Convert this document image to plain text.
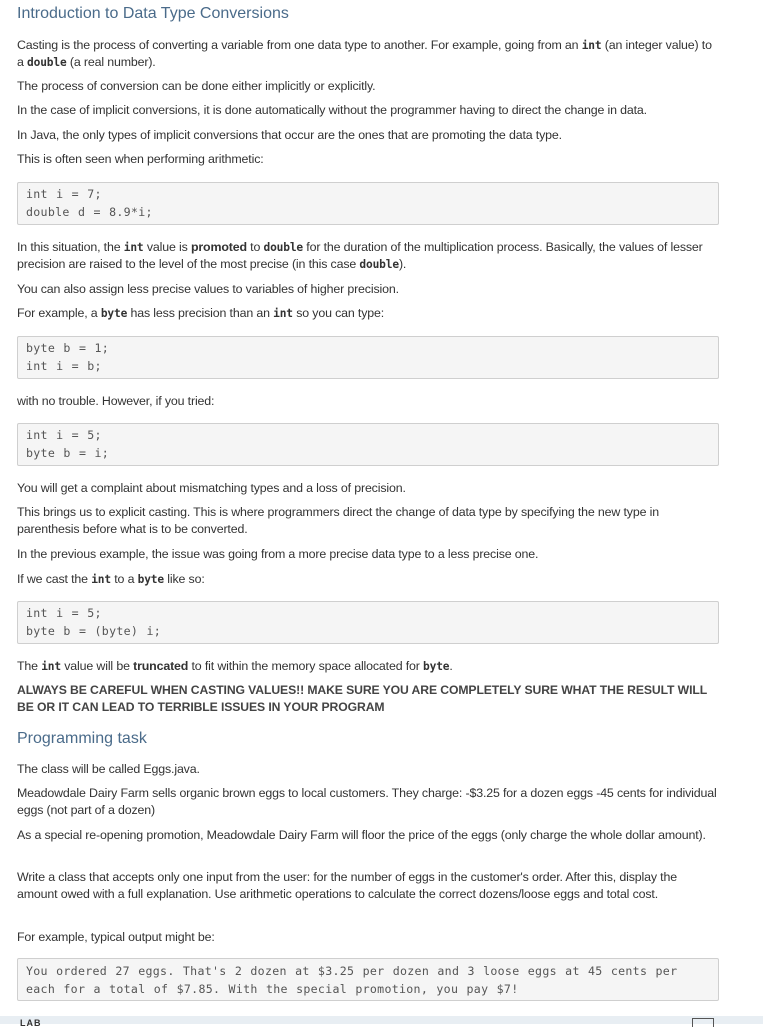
Introduction to Data Type Conversions

Casting is the process of converting a variable from one data type to another. For example, going from an int (an integer value) to a double (a real number).

The process of conversion can be done either implicitly or explicitly.

In the case of implicit conversions, it is done automatically without the programmer having to direct the change in data.

In Java, the only types of implicit conversions that occur are the ones that are promoting the data type.

This is often seen when performing arithmetic:

int i = 7;
double d = 8.9*i;

In this situation, the int value is promoted to double for the duration of the multiplication process. Basically, the values of lesser precision are raised to the level of the most precise (in this case double).

You can also assign less precise values to variables of higher precision.

For example, a byte has less precision than an int so you can type:

byte b = 1;
int i = b;

with no trouble. However, if you tried:

int i = 5;
byte b = i;

You will get a complaint about mismatching types and a loss of precision.

This brings us to explicit casting. This is where programmers direct the change of data type by specifying the new type in parenthesis before what is to be converted.

In the previous example, the issue was going from a more precise data type to a less precise one.

If we cast the int to a byte like so:

int i = 5;
byte b = (byte) i;

The int value will be truncated to fit within the memory space allocated for byte.

ALWAYS BE CAREFUL WHEN CASTING VALUES!! MAKE SURE YOU ARE COMPLETELY SURE WHAT THE RESULT WILL BE OR IT CAN LEAD TO TERRIBLE ISSUES IN YOUR PROGRAM

Programming task

The class will be called Eggs.java.

Meadowdale Dairy Farm sells organic brown eggs to local customers. They charge: -$3.25 for a dozen eggs -45 cents for individual eggs (not part of a dozen)

As a special re-opening promotion, Meadowdale Dairy Farm will floor the price of the eggs (only charge the whole dollar amount).

Write a class that accepts only one input from the user: for the number of eggs in the customer's order. After this, display the amount owed with a full explanation. Use arithmetic operations to calculate the correct dozens/loose eggs and total cost.

For example, typical output might be:

You ordered 27 eggs. That's 2 dozen at $3.25 per dozen and 3 loose eggs at 45 cents per each for a total of $7.85. With the special promotion, you pay $7!
LAB
